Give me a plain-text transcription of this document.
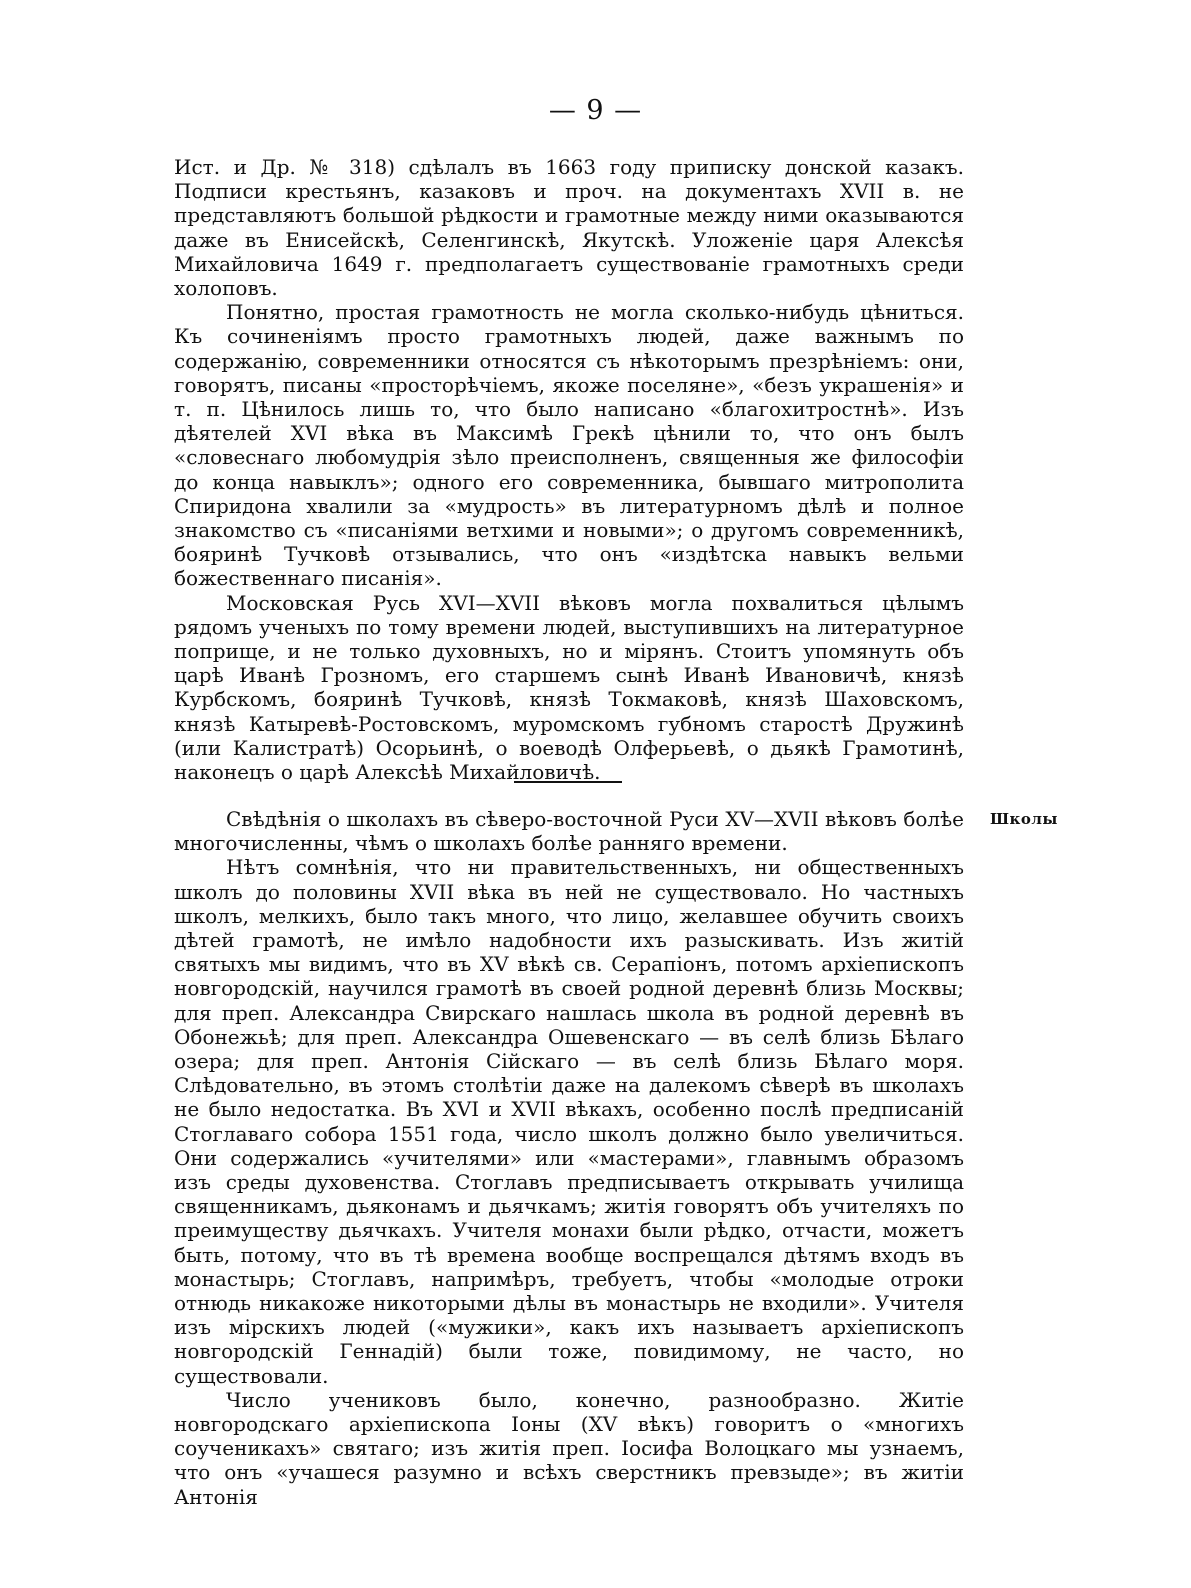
— 9 —

Ист. и Др. № 318) сдѣлалъ въ 1663 году приписку донской казакъ. Подписи крестьянъ, казаковъ и проч. на документахъ XVII в. не представляютъ большой рѣдкости и грамотные между ними оказываются даже въ Енисейскѣ, Селенгинскѣ, Якутскѣ. Уложеніе царя Алексѣя Михайловича 1649 г. предполагаетъ существованіе грамотныхъ среди холоповъ.

Понятно, простая грамотность не могла сколько-нибудь цѣниться. Къ сочиненіямъ просто грамотныхъ людей, даже важнымъ по содержанію, современники относятся съ нѣкоторымъ презрѣніемъ: они, говорятъ, писаны «просторѣчіемъ, якоже поселяне», «безъ украшенія» и т. п. Цѣнилось лишь то, что было написано «благохитростнѣ». Изъ дѣятелей XVI вѣка въ Максимѣ Грекѣ цѣнили то, что онъ былъ «словеснаго любомудрія зѣло преисполненъ, священныя же философіи до конца навыклъ»; одного его современника, бывшаго митрополита Спиридона хвалили за «мудрость» въ литературномъ дѣлѣ и полное знакомство съ «писаніями ветхими и новыми»; о другомъ современникѣ, бояринѣ Тучковѣ отзывались, что онъ «издѣтска навыкъ вельми божественнаго писанія».

Московская Русь XVI—XVII вѣковъ могла похвалиться цѣлымъ рядомъ ученыхъ по тому времени людей, выступившихъ на литературное поприще, и не только духовныхъ, но и мірянъ. Стоитъ упомянуть объ царѣ Иванѣ Грозномъ, его старшемъ сынѣ Иванѣ Ивановичѣ, князѣ Курбскомъ, бояринѣ Тучковѣ, князѣ Токмаковѣ, князѣ Шаховскомъ, князѣ Катыревѣ-Ростовскомъ, муромскомъ губномъ старостѣ Дружинѣ (или Калистратѣ) Осорьинѣ, о воеводѣ Олферьевѣ, о дьякѣ Грамотинѣ, наконецъ о царѣ Алексѣѣ Михайловичѣ.

Школы

Свѣдѣнія о школахъ въ сѣверо-восточной Руси XV—XVII вѣковъ болѣе многочисленны, чѣмъ о школахъ болѣе ранняго времени.

Нѣтъ сомнѣнія, что ни правительственныхъ, ни общественныхъ школъ до половины XVII вѣка въ ней не существовало. Но частныхъ школъ, мелкихъ, было такъ много, что лицо, желавшее обучить своихъ дѣтей грамотѣ, не имѣло надобности ихъ разыскивать. Изъ житій святыхъ мы видимъ, что въ XV вѣкѣ св. Серапіонъ, потомъ архіепископъ новгородскій, научился грамотѣ въ своей родной деревнѣ близь Москвы; для преп. Александра Свирскаго нашлась школа въ родной деревнѣ въ Обонежьѣ; для преп. Александра Ошевенскаго — въ селѣ близь Бѣлаго озера; для преп. Антонія Сійскаго — въ селѣ близь Бѣлаго моря. Слѣдовательно, въ этомъ столѣтіи даже на далекомъ сѣверѣ въ школахъ не было недостатка. Въ XVI и XVII вѣкахъ, особенно послѣ предписаній Стоглаваго собора 1551 года, число школъ должно было увеличиться. Они содержались «учителями» или «мастерами», главнымъ образомъ изъ среды духовенства. Стоглавъ предписываетъ открывать училища священникамъ, дьяконамъ и дьячкамъ; житія говорятъ объ учителяхъ по преимуществу дьячкахъ. Учителя монахи были рѣдко, отчасти, можетъ быть, потому, что въ тѣ времена вообще воспрещался дѣтямъ входъ въ монастырь; Стоглавъ, напримѣръ, требуетъ, чтобы «молодые отроки отнюдь никакоже никоторыми дѣлы въ монастырь не входили». Учителя изъ мірскихъ людей («мужики», какъ ихъ называетъ архіепископъ новгородскій Геннадій) были тоже, повидимому, не часто, но существовали.

Число учениковъ было, конечно, разнообразно. Житіе новгородскаго архіепископа Іоны (XV вѣкъ) говоритъ о «многихъ соученикахъ» святаго; изъ житія преп. Іосифа Волоцкаго мы узнаемъ, что онъ «учашеся разумно и всѣхъ сверстникъ превзыде»; въ житіи Антонія
